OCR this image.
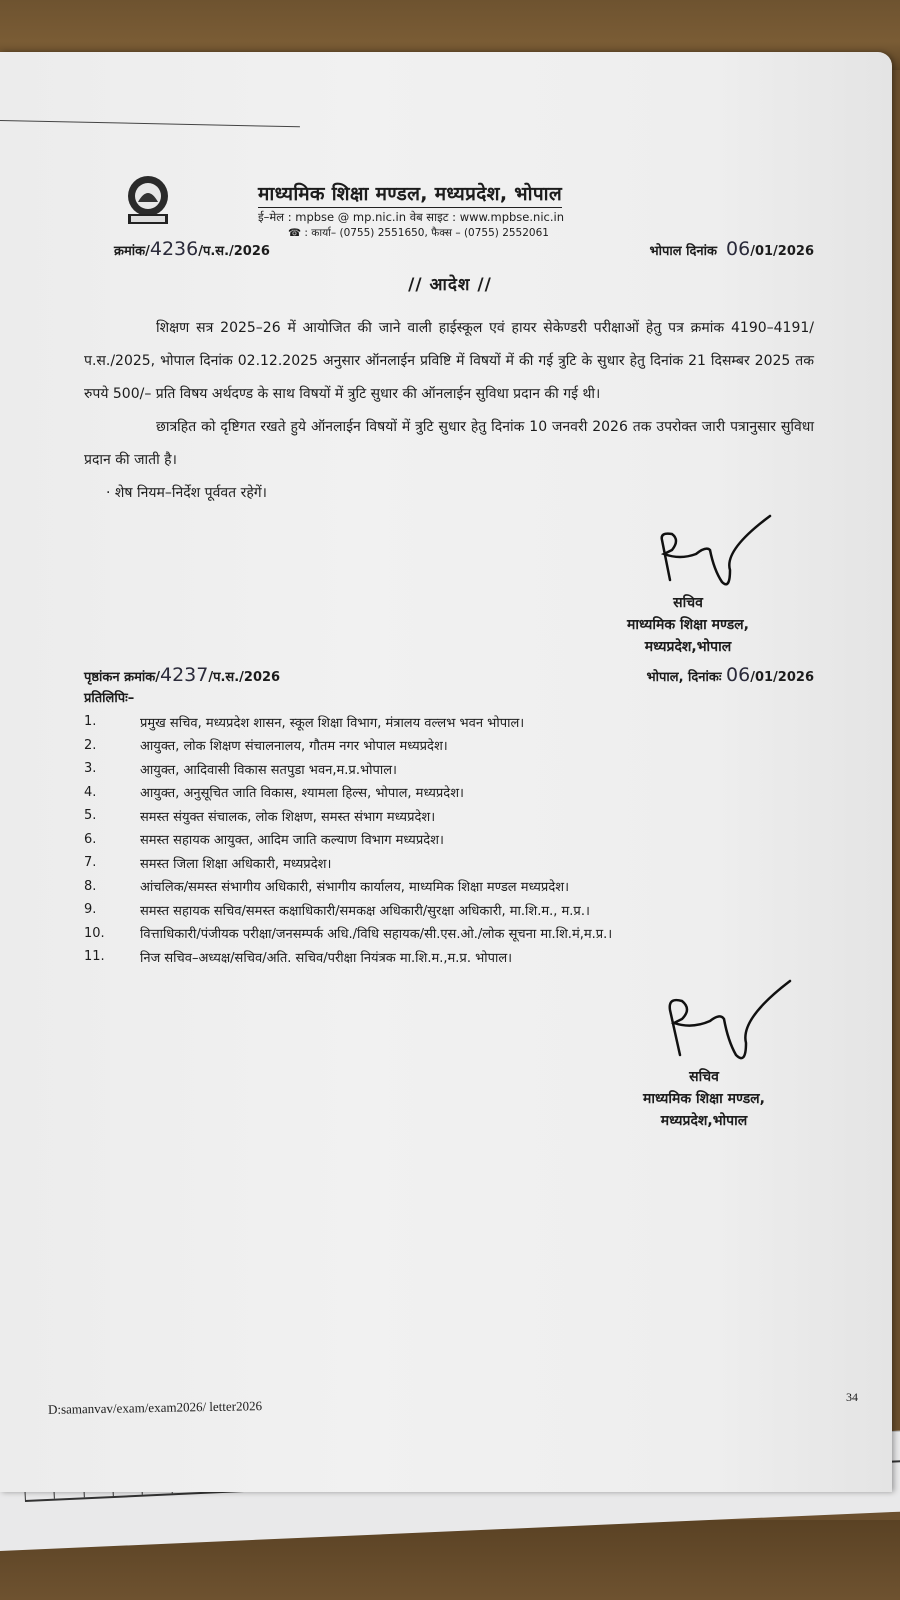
माध्यमिक शिक्षा मण्डल, मध्यप्रदेश, भोपाल
ई–मेल : mpbse @ mp.nic.in वेब साइट : www.mpbse.nic.in
☎ : कार्या– (0755) 2551650, फैक्स – (0755) 2552061
क्रमांक/4236/प.स./2026	भोपाल दिनांक 06/01/2026
// आदेश //

शिक्षण सत्र 2025–26 में आयोजित की जाने वाली हाईस्कूल एवं हायर सेकेण्डरी परीक्षाओं हेतु पत्र क्रमांक 4190–4191/प.स./2025, भोपाल दिनांक 02.12.2025 अनुसार ऑनलाईन प्रविष्टि में विषयों में की गई त्रुटि के सुधार हेतु दिनांक 21 दिसम्बर 2025 तक रुपये 500/– प्रति विषय अर्थदण्ड के साथ विषयों में त्रुटि सुधार की ऑनलाईन सुविधा प्रदान की गई थी।

छात्रहित को दृष्टिगत रखते हुये ऑनलाईन विषयों में त्रुटि सुधार हेतु दिनांक 10 जनवरी 2026 तक उपरोक्त जारी पत्रानुसार सुविधा प्रदान की जाती है।

· शेष नियम–निर्देश पूर्ववत रहेगें।

सचिव
माध्यमिक शिक्षा मण्डल,
मध्यप्रदेश,भोपाल
पृष्ठांकन क्रमांक/4237/प.स./2026	भोपाल, दिनांकः 06/01/2026
प्रतिलिपिः–
1.	प्रमुख सचिव, मध्यप्रदेश शासन, स्कूल शिक्षा विभाग, मंत्रालय वल्लभ भवन भोपाल।
2.	आयुक्त, लोक शिक्षण संचालनालय, गौतम नगर भोपाल मध्यप्रदेश।
3.	आयुक्त, आदिवासी विकास सतपुडा भवन,म.प्र.भोपाल।
4.	आयुक्त, अनुसूचित जाति विकास, श्यामला हिल्स, भोपाल, मध्यप्रदेश।
5.	समस्त संयुक्त संचालक, लोक शिक्षण, समस्त संभाग मध्यप्रदेश।
6.	समस्त सहायक आयुक्त, आदिम जाति कल्याण विभाग मध्यप्रदेश।
7.	समस्त जिला शिक्षा अधिकारी, मध्यप्रदेश।
8.	आंचलिक/समस्त संभागीय अधिकारी, संभागीय कार्यालय, माध्यमिक शिक्षा मण्डल मध्यप्रदेश।
9.	समस्त सहायक सचिव/समस्त कक्षाधिकारी/समकक्ष अधिकारी/सुरक्षा अधिकारी, मा.शि.म., म.प्र.।
10.	वित्ताधिकारी/पंजीयक परीक्षा/जनसम्पर्क अधि./विधि सहायक/सी.एस.ओ./लोक सूचना मा.शि.मं,म.प्र.।
11.	निज सचिव–अध्यक्ष/सचिव/अति. सचिव/परीक्षा नियंत्रक मा.शि.म.,म.प्र. भोपाल।
सचिव
माध्यमिक शिक्षा मण्डल,
मध्यप्रदेश,भोपाल
D:samanvav/exam/exam2026/ letter2026
34
